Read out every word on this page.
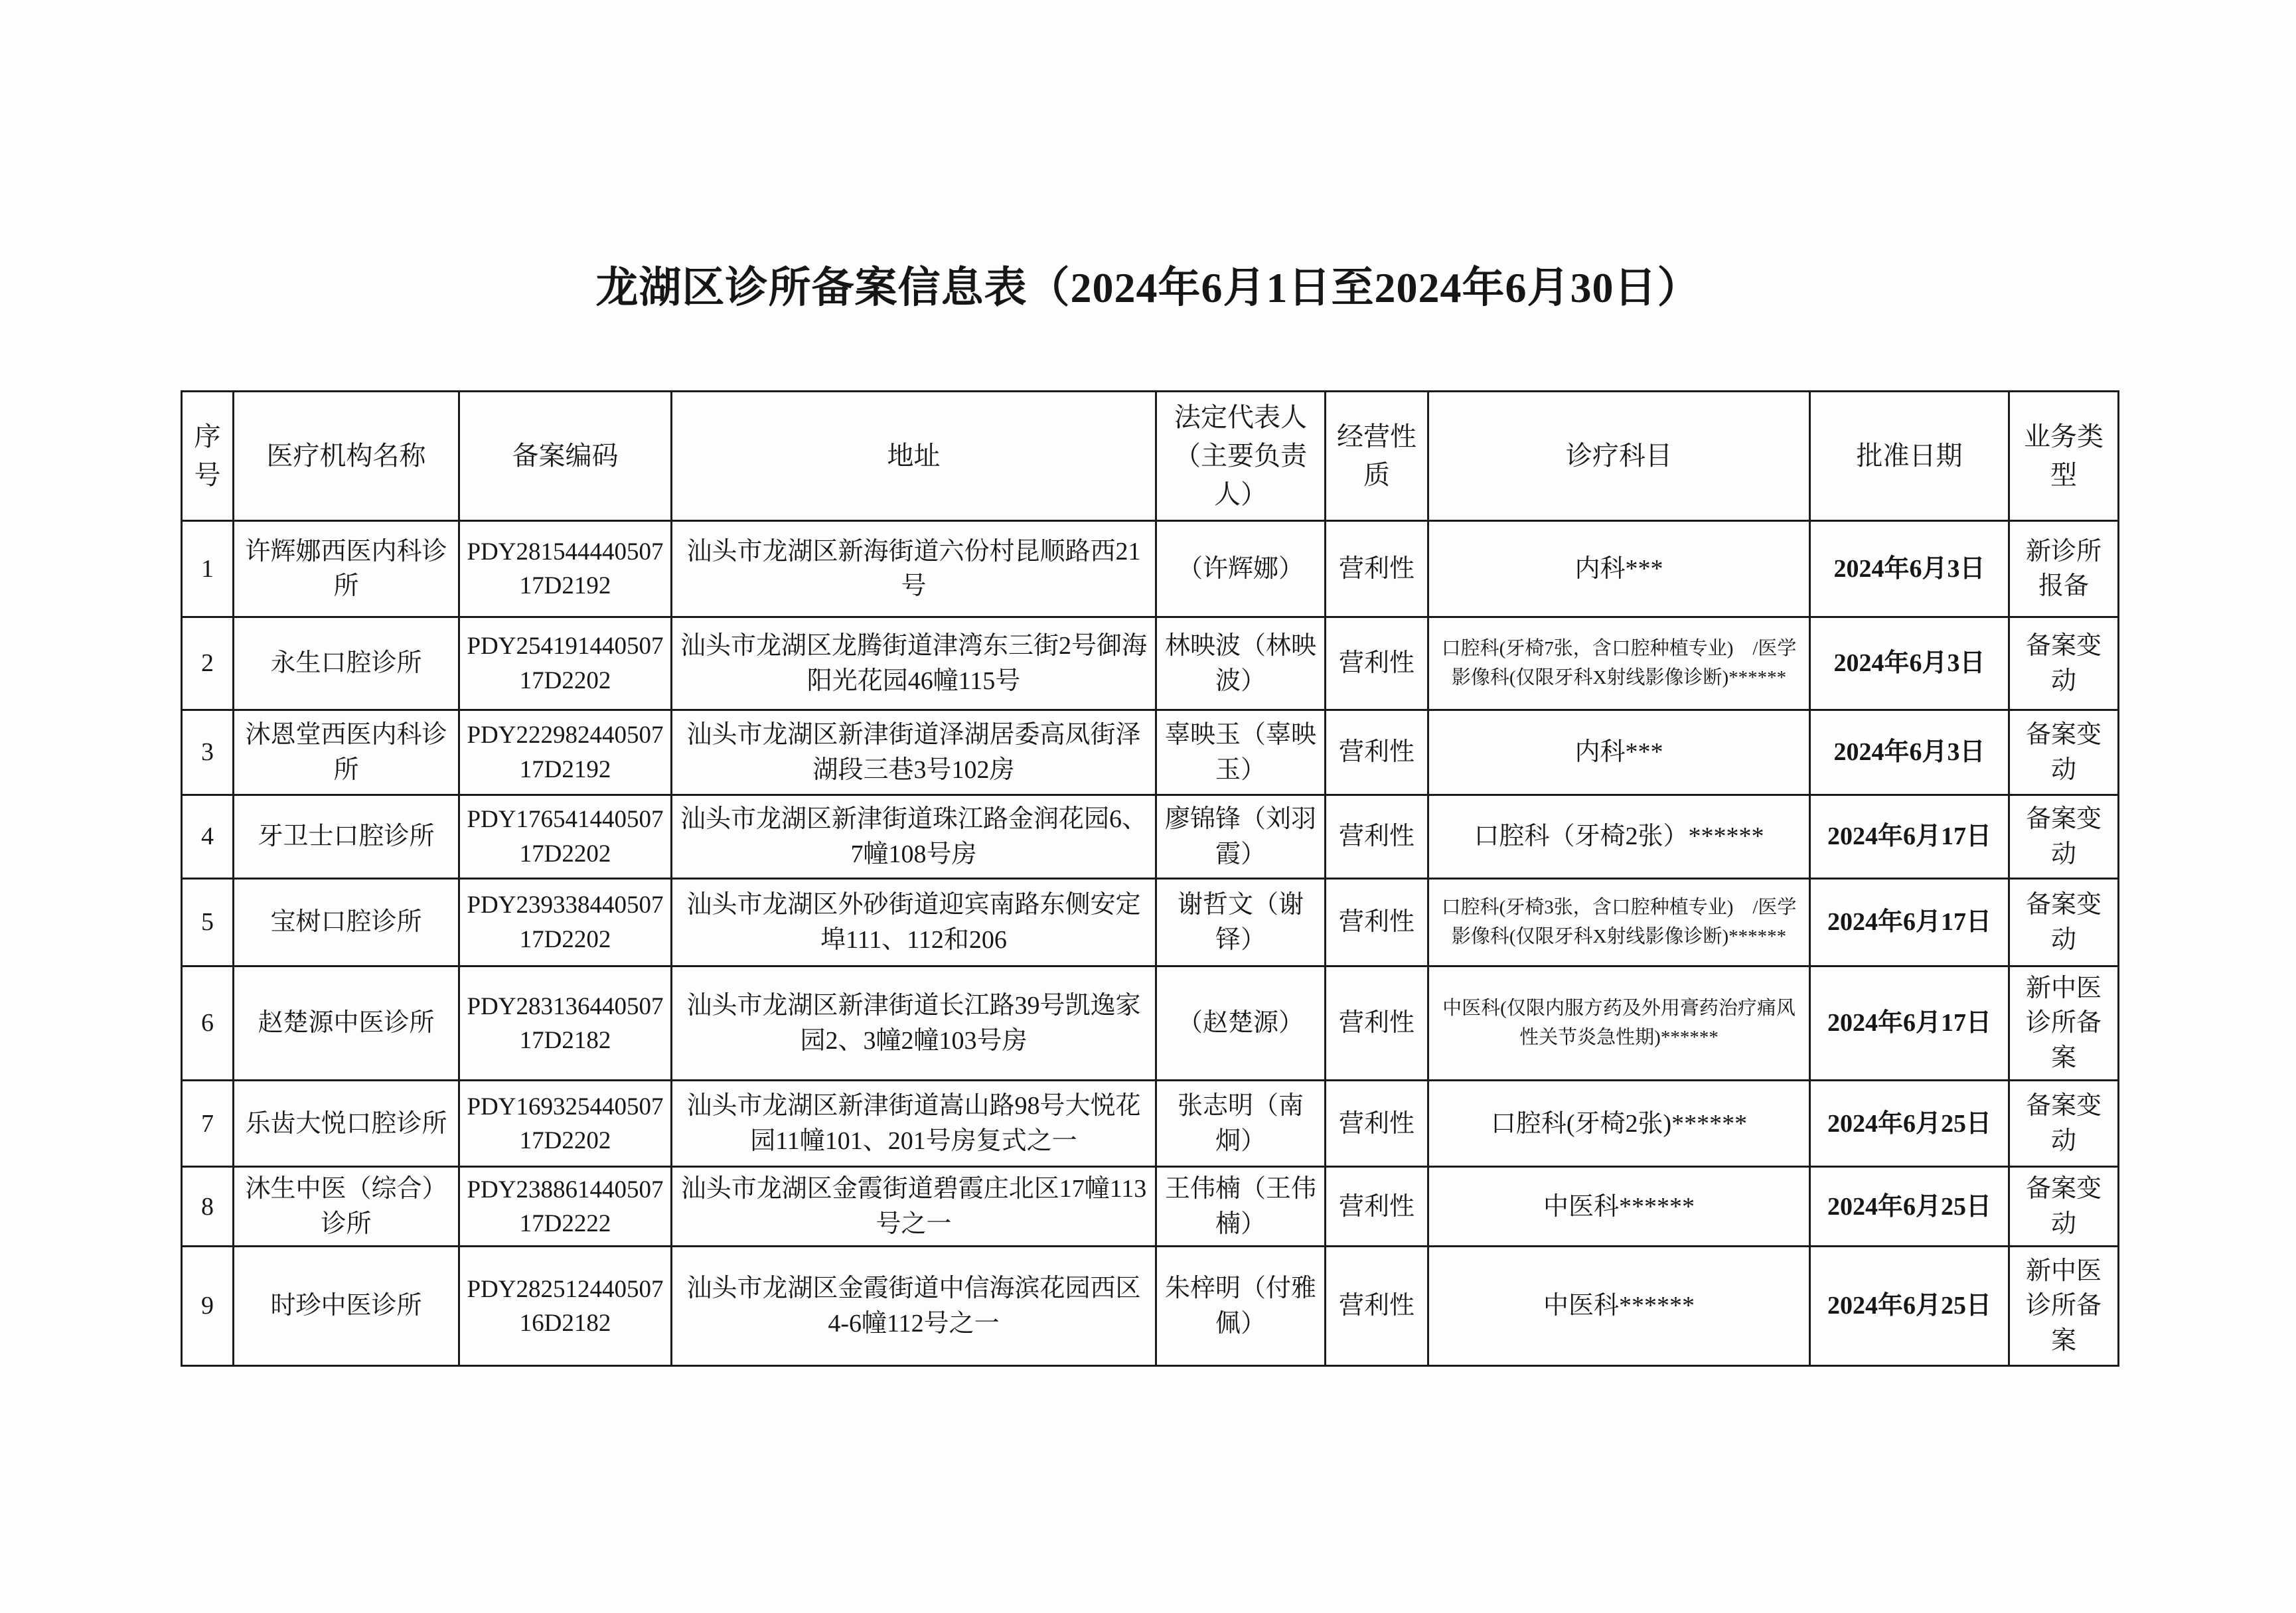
龙湖区诊所备案信息表（2024年6月1日至2024年6月30日）
序号	医疗机构名称	备案编码	地址	法定代表人（主要负责人）	经营性质	诊疗科目	批准日期	业务类型
1	许辉娜西医内科诊所	PDY28154444050717D2192	汕头市龙湖区新海街道六份村昆顺路西21号	（许辉娜）	营利性	内科***	2024年6月3日	新诊所报备
2	永生口腔诊所	PDY25419144050717D2202	汕头市龙湖区龙腾街道津湾东三街2号御海阳光花园46幢115号	林映波（林映波）	营利性	口腔科(牙椅7张，含口腔种植专业)　/医学影像科(仅限牙科X射线影像诊断)******	2024年6月3日	备案变动
3	沐恩堂西医内科诊所	PDY22298244050717D2192	汕头市龙湖区新津街道泽湖居委高凤街泽湖段三巷3号102房	辜映玉（辜映玉）	营利性	内科***	2024年6月3日	备案变动
4	牙卫士口腔诊所	PDY17654144050717D2202	汕头市龙湖区新津街道珠江路金润花园6、7幢108号房	廖锦锋（刘羽霞）	营利性	口腔科（牙椅2张）******	2024年6月17日	备案变动
5	宝树口腔诊所	PDY23933844050717D2202	汕头市龙湖区外砂街道迎宾南路东侧安定埠111、112和206	谢哲文（谢铎）	营利性	口腔科(牙椅3张，含口腔种植专业)　/医学影像科(仅限牙科X射线影像诊断)******	2024年6月17日	备案变动
6	赵楚源中医诊所	PDY28313644050717D2182	汕头市龙湖区新津街道长江路39号凯逸家园2、3幢2幢103号房	（赵楚源）	营利性	中医科(仅限内服方药及外用膏药治疗痛风性关节炎急性期)******	2024年6月17日	新中医诊所备案
7	乐齿大悦口腔诊所	PDY16932544050717D2202	汕头市龙湖区新津街道嵩山路98号大悦花园11幢101、201号房复式之一	张志明（南炯）	营利性	口腔科(牙椅2张)******	2024年6月25日	备案变动
8	沐生中医（综合）诊所	PDY23886144050717D2222	汕头市龙湖区金霞街道碧霞庄北区17幢113号之一	王伟楠（王伟楠）	营利性	中医科******	2024年6月25日	备案变动
9	时珍中医诊所	PDY28251244050716D2182	汕头市龙湖区金霞街道中信海滨花园西区4-6幢112号之一	朱梓明（付雅佩）	营利性	中医科******	2024年6月25日	新中医诊所备案
